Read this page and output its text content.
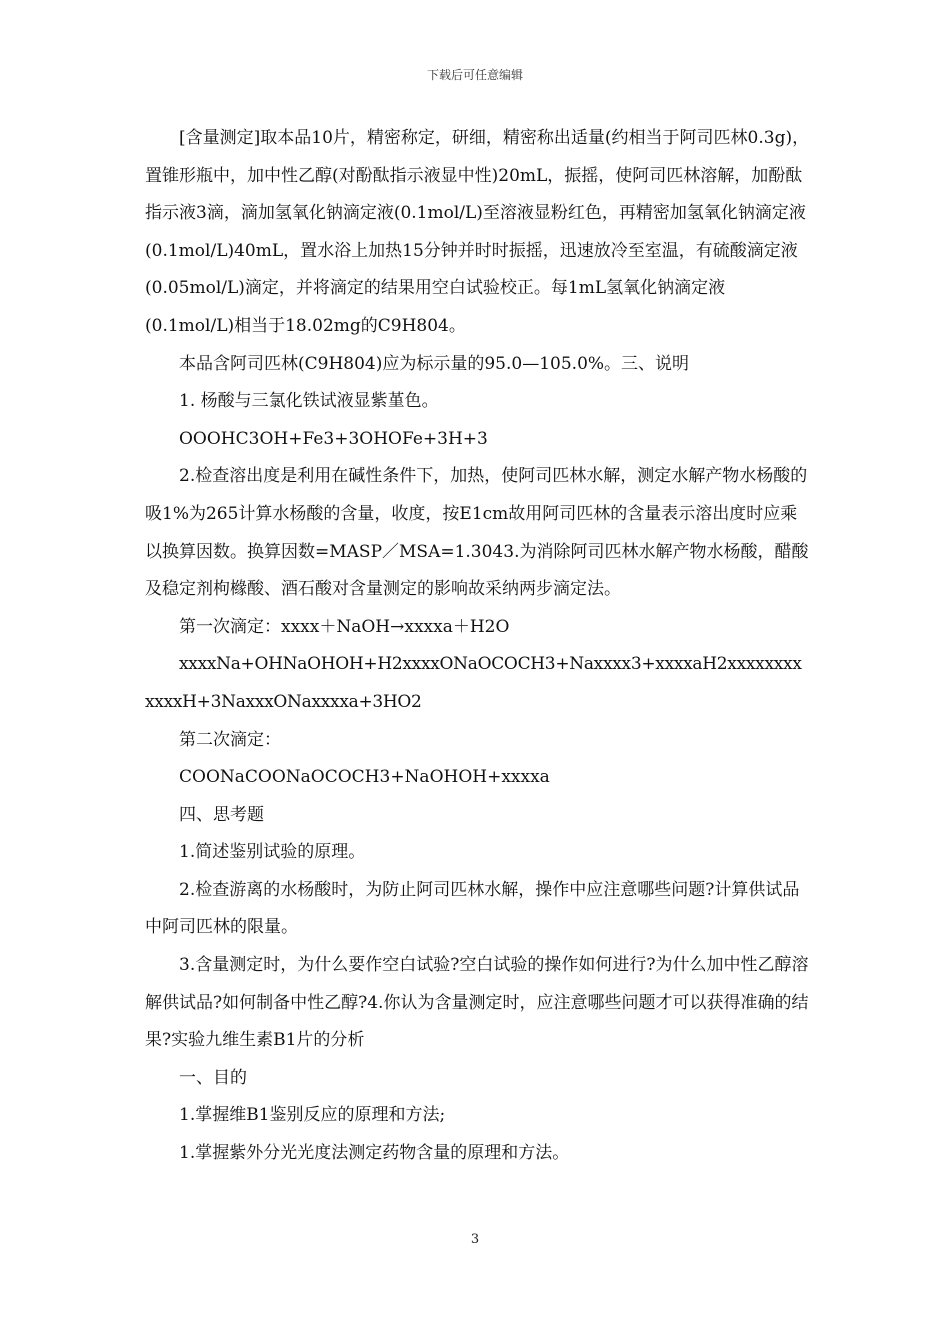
下载后可任意编辑

[含量测定]取本品10片，精密称定，研细，精密称出适量(约相当于阿司匹林0.3g)，置锥形瓶中，加中性乙醇(对酚酞指示液显中性)20mL，振摇，使阿司匹林溶解，加酚酞指示液3滴，滴加氢氧化钠滴定液(0.1mol/L)至溶液显粉红色，再精密加氢氧化钠滴定液(0.1mol/L)40mL，置水浴上加热15分钟并时时振摇，迅速放冷至室温，有硫酸滴定液(0.05mol/L)滴定，并将滴定的结果用空白试验校正。每1mL氢氧化钠滴定液(0.1mol/L)相当于18.02mg的C9H804。

本品含阿司匹林(C9H804)应为标示量的95.0—105.0%。三、说明

1. 杨酸与三氯化铁试液显紫堇色。

OOOHC3OH+Fe3+3OHOFe+3H+3

2.检查溶出度是利用在碱性条件下，加热，使阿司匹林水解，测定水解产物水杨酸的吸1%为265计算水杨酸的含量，收度，按E1cm故用阿司匹林的含量表示溶出度时应乘以换算因数。换算因数=MASP／MSA=1.3043.为消除阿司匹林水解产物水杨酸，醋酸及稳定剂枸橼酸、酒石酸对含量测定的影响故采纳两步滴定法。

第一次滴定：xxxx＋NaOH→xxxxa＋H2O

xxxxNa+OHNaOHOH+H2xxxxONaOCOCH3+Naxxxx3+xxxxaH2xxxxxxxxxxxxH+3NaxxxONaxxxxa+3HO2

第二次滴定：

COONaCOONaOCOCH3+NaOHOH+xxxxa

四、思考题

1.简述鉴别试验的原理。

2.检查游离的水杨酸时，为防止阿司匹林水解，操作中应注意哪些问题?计算供试品中阿司匹林的限量。

3.含量测定时，为什么要作空白试验?空白试验的操作如何进行?为什么加中性乙醇溶解供试品?如何制备中性乙醇?4.你认为含量测定时，应注意哪些问题才可以获得准确的结果?实验九维生素B1片的分析

一、目的

1.掌握维B1鉴别反应的原理和方法;

1.掌握紫外分光光度法测定药物含量的原理和方法。

3
